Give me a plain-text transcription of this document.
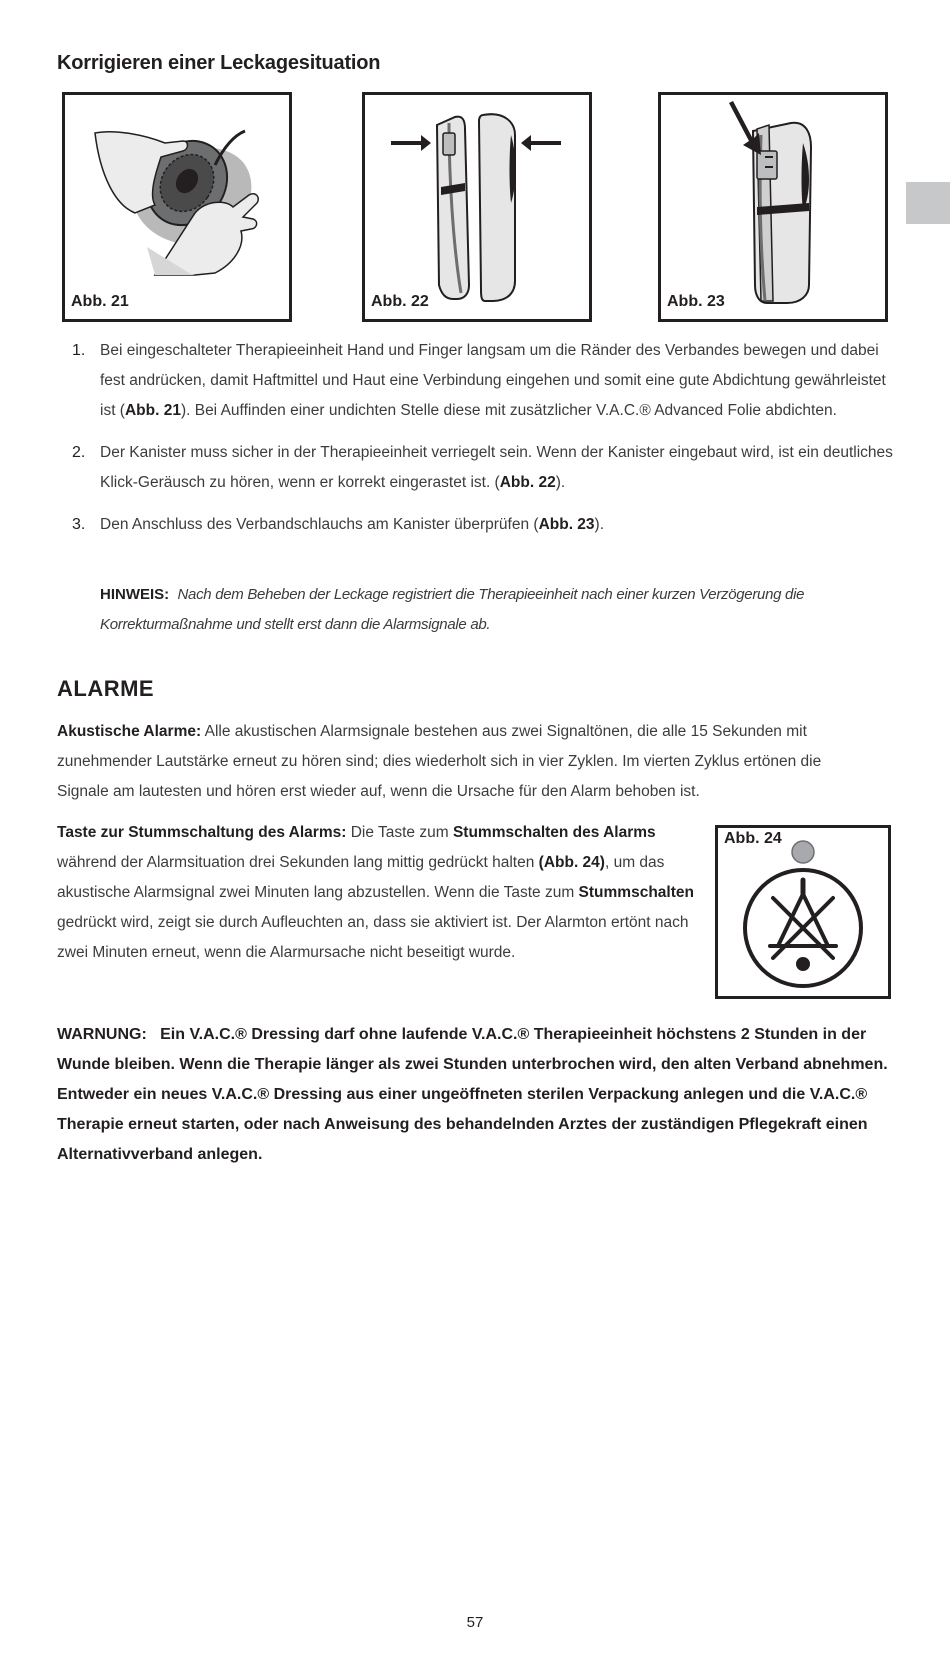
Korrigieren einer Leckagesituation
Abb. 21	Abb. 22	Abb. 23
1. Bei eingeschalteter Therapieeinheit Hand und Finger langsam um die Ränder des Verbandes bewegen und dabei fest andrücken, damit Haftmittel und Haut eine Verbindung eingehen und somit eine gute Abdichtung gewährleistet ist (Abb. 21). Bei Auffinden einer undichten Stelle diese mit zusätzlicher V.A.C.® Advanced Folie abdichten.
2. Der Kanister muss sicher in der Therapieeinheit verriegelt sein. Wenn der Kanister eingebaut wird, ist ein deutliches Klick-Geräusch zu hören, wenn er korrekt eingerastet ist. (Abb. 22).
3. Den Anschluss des Verbandschlauchs am Kanister überprüfen (Abb. 23).

HINWEIS: Nach dem Beheben der Leckage registriert die Therapieeinheit nach einer kurzen Verzögerung die Korrekturmaßnahme und stellt erst dann die Alarmsignale ab.

ALARME

Akustische Alarme: Alle akustischen Alarmsignale bestehen aus zwei Signaltönen, die alle 15 Sekunden mit zunehmender Lautstärke erneut zu hören sind; dies wiederholt sich in vier Zyklen. Im vierten Zyklus ertönen die Signale am lautesten und hören erst wieder auf, wenn die Ursache für den Alarm behoben ist.

Taste zur Stummschaltung des Alarms: Die Taste zum Stummschalten des Alarms während der Alarmsituation drei Sekunden lang mittig gedrückt halten (Abb. 24), um das akustische Alarmsignal zwei Minuten lang abzustellen. Wenn die Taste zum Stummschalten gedrückt wird, zeigt sie durch Aufleuchten an, dass sie aktiviert ist. Der Alarmton ertönt nach zwei Minuten erneut, wenn die Alarmursache nicht beseitigt wurde.

Abb. 24

WARNUNG: Ein V.A.C.® Dressing darf ohne laufende V.A.C.® Therapieeinheit höchstens 2 Stunden in der Wunde bleiben. Wenn die Therapie länger als zwei Stunden unterbrochen wird, den alten Verband abnehmen. Entweder ein neues V.A.C.® Dressing aus einer ungeöffneten sterilen Verpackung anlegen und die V.A.C.® Therapie erneut starten, oder nach Anweisung des behandelnden Arztes der zuständigen Pflegekraft einen Alternativverband anlegen.

57
